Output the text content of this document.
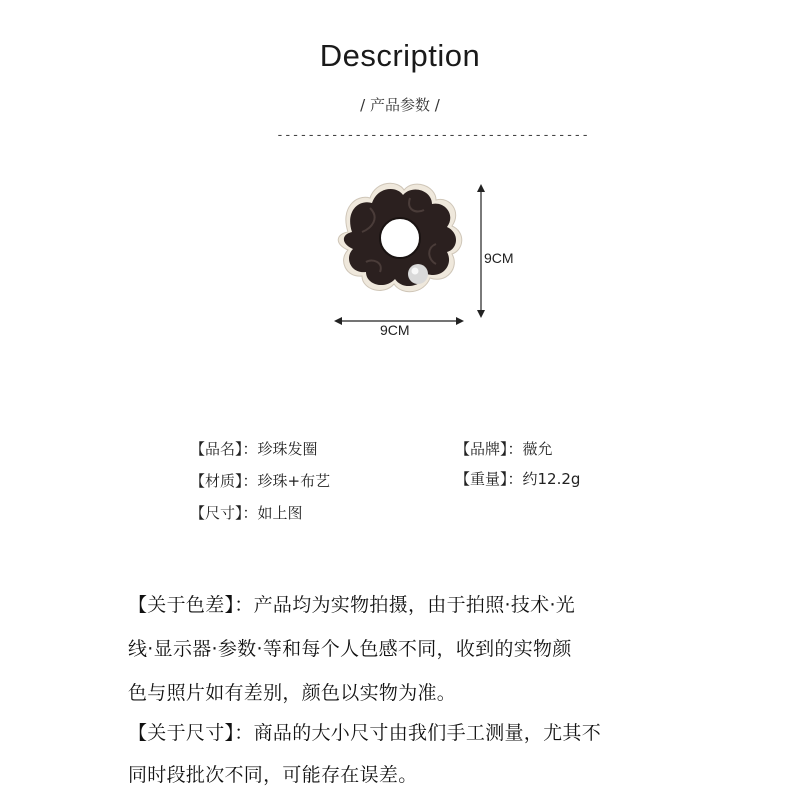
Description
/ 产品参数 /
----------------------------------------
9CM
9CM
【品名】：珍珠发圈	【品牌】：薇允
【材质】：珍珠+布艺	【重量】：约12.2g
【尺寸】：如上图
【关于色差】：产品均为实物拍摄，由于拍照·技术·光
线·显示器·参数·等和每个人色感不同，收到的实物颜
色与照片如有差别，颜色以实物为准。
【关于尺寸】：商品的大小尺寸由我们手工测量，尤其不
同时段批次不同，可能存在误差。
